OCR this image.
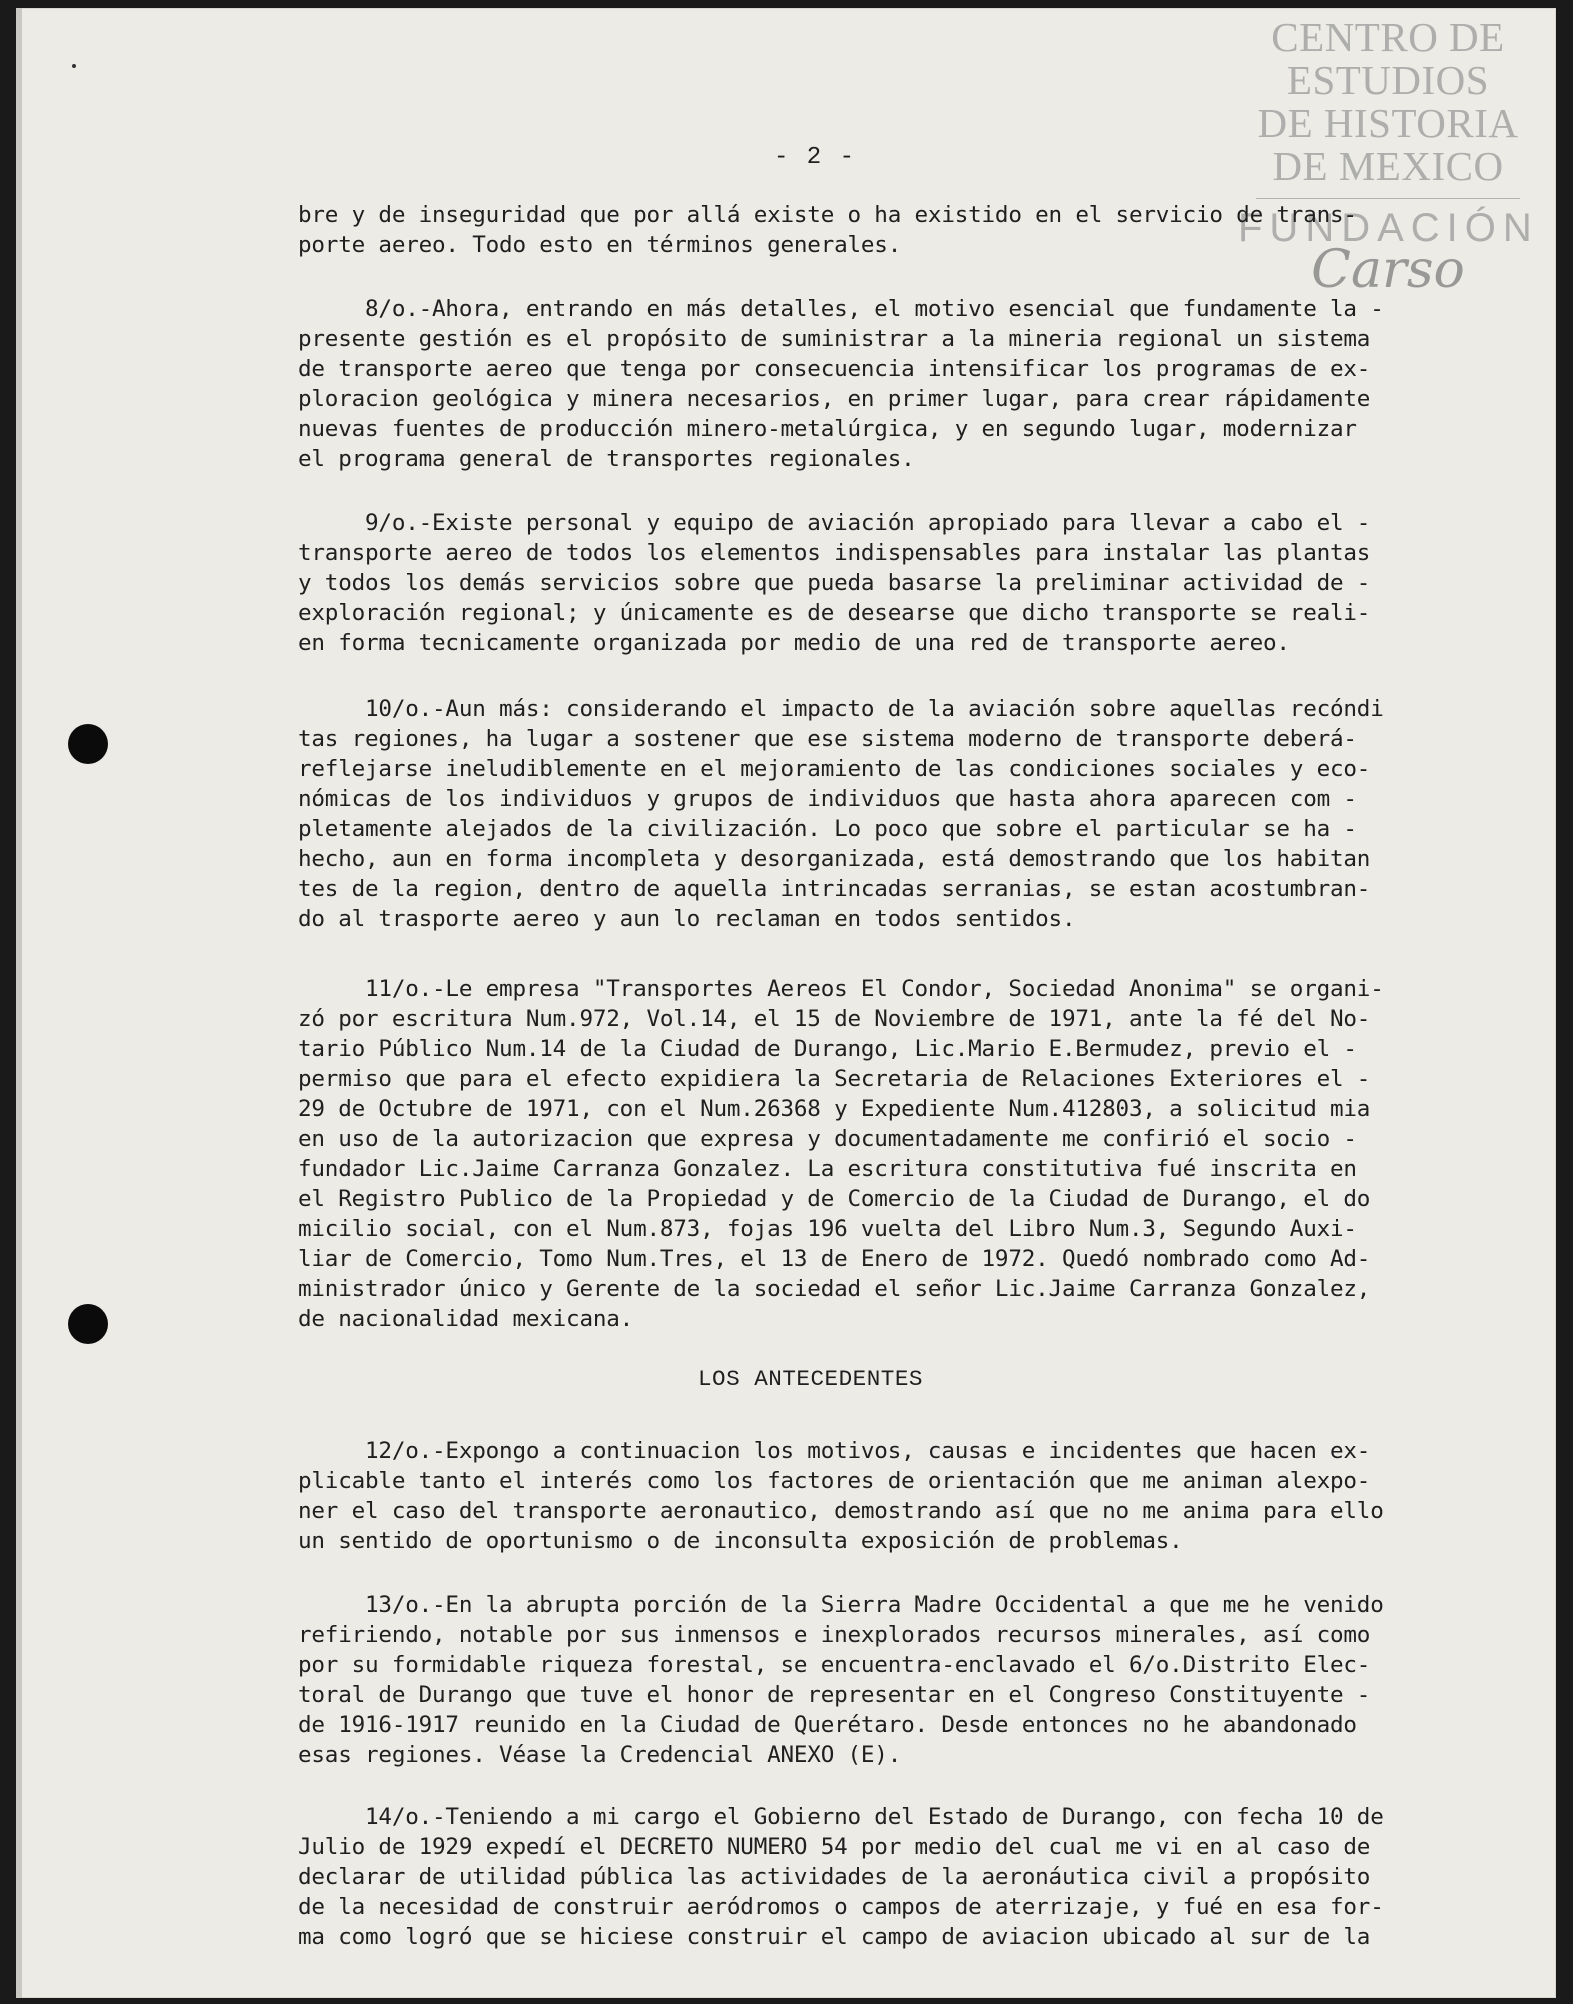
CENTRO DE
ESTUDIOS
DE HISTORIA
DE MEXICO
FUNDACIÓN
Carso
- 2 -
bre y de inseguridad que por allá existe o ha existido en el servicio de trans-
porte aereo. Todo esto en términos generales.
8/o.-Ahora, entrando en más detalles, el motivo esencial que fundamente la -
presente gestión es el propósito de suministrar a la mineria regional un sistema
de transporte aereo que tenga por consecuencia intensificar los programas de ex-
ploracion geológica y minera necesarios, en primer lugar, para crear rápidamente
nuevas fuentes de producción minero-metalúrgica, y en segundo lugar, modernizar
el programa general de transportes regionales.
9/o.-Existe personal y equipo de aviación apropiado para llevar a cabo el -
transporte aereo de todos los elementos indispensables para instalar las plantas
y todos los demás servicios sobre que pueda basarse la preliminar actividad de -
exploración regional; y únicamente es de desearse que dicho transporte se reali-
en forma tecnicamente organizada por medio de una red de transporte aereo.
10/o.-Aun más: considerando el impacto de la aviación sobre aquellas recóndi
tas regiones, ha lugar a sostener que ese sistema moderno de transporte deberá-
reflejarse ineludiblemente en el mejoramiento de las condiciones sociales y eco-
nómicas de los individuos y grupos de individuos que hasta ahora aparecen com -
pletamente alejados de la civilización. Lo poco que sobre el particular se ha -
hecho, aun en forma incompleta y desorganizada, está demostrando que los habitan
tes de la region, dentro de aquella intrincadas serranias, se estan acostumbran-
do al trasporte aereo y aun lo reclaman en todos sentidos.
11/o.-Le empresa "Transportes Aereos El Condor, Sociedad Anonima" se organi-
zó por escritura Num.972, Vol.14, el 15 de Noviembre de 1971, ante la fé del No-
tario Público Num.14 de la Ciudad de Durango, Lic.Mario E.Bermudez, previo el -
permiso que para el efecto expidiera la Secretaria de Relaciones Exteriores el -
29 de Octubre de 1971, con el Num.26368 y Expediente Num.412803, a solicitud mia
en uso de la autorizacion que expresa y documentadamente me confirió el socio -
fundador Lic.Jaime Carranza Gonzalez. La escritura constitutiva fué inscrita en
el Registro Publico de la Propiedad y de Comercio de la Ciudad de Durango, el do
micilio social, con el Num.873, fojas 196 vuelta del Libro Num.3, Segundo Auxi-
liar de Comercio, Tomo Num.Tres, el 13 de Enero de 1972. Quedó nombrado como Ad-
ministrador único y Gerente de la sociedad el señor Lic.Jaime Carranza Gonzalez,
de nacionalidad mexicana.
LOS ANTECEDENTES
12/o.-Expongo a continuacion los motivos, causas e incidentes que hacen ex-
plicable tanto el interés como los factores de orientación que me animan alexpo-
ner el caso del transporte aeronautico, demostrando así que no me anima para ello
un sentido de oportunismo o de inconsulta exposición de problemas.
13/o.-En la abrupta porción de la Sierra Madre Occidental a que me he venido
refiriendo, notable por sus inmensos e inexplorados recursos minerales, así como
por su formidable riqueza forestal, se encuentra-enclavado el 6/o.Distrito Elec-
toral de Durango que tuve el honor de representar en el Congreso Constituyente -
de 1916-1917 reunido en la Ciudad de Querétaro. Desde entonces no he abandonado
esas regiones. Véase la Credencial ANEXO (E).
14/o.-Teniendo a mi cargo el Gobierno del Estado de Durango, con fecha 10 de
Julio de 1929 expedí el DECRETO NUMERO 54 por medio del cual me vi en al caso de
declarar de utilidad pública las actividades de la aeronáutica civil a propósito
de la necesidad de construir aeródromos o campos de aterrizaje, y fué en esa for-
ma como logró que se hiciese construir el campo de aviacion ubicado al sur de la
